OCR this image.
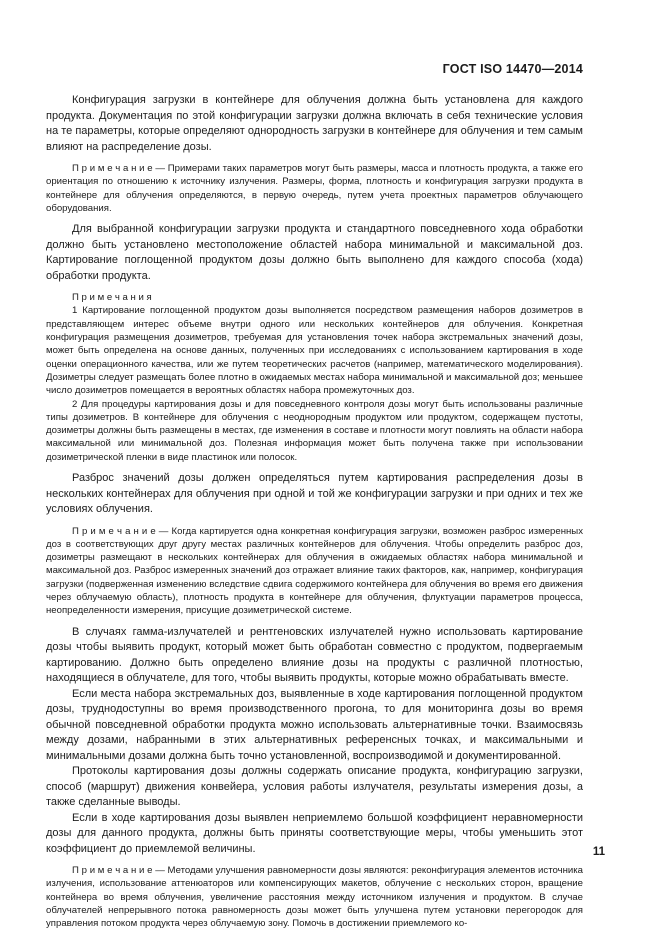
ГОСТ ISO 14470—2014

Конфигурация загрузки в контейнере для облучения должна быть установлена для каждого продукта. Документация по этой конфигурации загрузки должна включать в себя технические условия на те параметры, которые определяют однородность загрузки в контейнере для облучения и тем самым влияют на распределение дозы.

П р и м е ч а н и е — Примерами таких параметров могут быть размеры, масса и плотность продукта, а также его ориентация по отношению к источнику излучения. Размеры, форма, плотность и конфигурация загрузки продукта в контейнере для облучения определяются, в первую очередь, путем учета проектных параметров облучающего оборудования.

Для выбранной конфигурации загрузки продукта и стандартного повседневного хода обработки должно быть установлено местоположение областей набора минимальной и максимальной доз. Картирование поглощенной продуктом дозы должно быть выполнено для каждого способа (хода) обработки продукта.

П р и м е ч а н и я

1 Картирование поглощенной продуктом дозы выполняется посредством размещения наборов дозиметров в представляющем интерес объеме внутри одного или нескольких контейнеров для облучения. Конкретная конфигурация размещения дозиметров, требуемая для установления точек набора экстремальных значений дозы, может быть определена на основе данных, полученных при исследованиях с использованием картирования в ходе оценки операционного качества, или же путем теоретических расчетов (например, математического моделирования). Дозиметры следует размещать более плотно в ожидаемых местах набора минимальной и максимальной доз; меньшее число дозиметров помещается в вероятных областях набора промежуточных доз.

2 Для процедуры картирования дозы и для повседневного контроля дозы могут быть использованы различные типы дозиметров. В контейнере для облучения с неоднородным продуктом или продуктом, содержащем пустоты, дозиметры должны быть размещены в местах, где изменения в составе и плотности могут повлиять на области набора максимальной или минимальной доз. Полезная информация может быть получена также при использовании дозиметрической пленки в виде пластинок или полосок.

Разброс значений дозы должен определяться путем картирования распределения дозы в нескольких контейнерах для облучения при одной и той же конфигурации загрузки и при одних и тех же условиях облучения.

П р и м е ч а н и е — Когда картируется одна конкретная конфигурация загрузки, возможен разброс измеренных доз в соответствующих друг другу местах различных контейнеров для облучения. Чтобы определить разброс доз, дозиметры размещают в нескольких контейнерах для облучения в ожидаемых областях набора минимальной и максимальной доз. Разброс измеренных значений доз отражает влияние таких факторов, как, например, конфигурация загрузки (подверженная изменению вследствие сдвига содержимого контейнера для облучения во время его движения через облучаемую область), плотность продукта в контейнере для облучения, флуктуации параметров процесса, неопределенности измерения, присущие дозиметрической системе.

В случаях гамма-излучателей и рентгеновских излучателей нужно использовать картирование дозы чтобы выявить продукт, который может быть обработан совместно с продуктом, подвергаемым картированию. Должно быть определено влияние дозы на продукты с различной плотностью, находящиеся в облучателе, для того, чтобы выявить продукты, которые можно обрабатывать вместе.

Если места набора экстремальных доз, выявленные в ходе картирования поглощенной продуктом дозы, труднодоступны во время производственного прогона, то для мониторинга дозы во время обычной повседневной обработки продукта можно использовать альтернативные точки. Взаимосвязь между дозами, набранными в этих альтернативных референсных точках, и максимальными и минимальными дозами должна быть точно установленной, воспроизводимой и документированной.

Протоколы картирования дозы должны содержать описание продукта, конфигурацию загрузки, способ (маршрут) движения конвейера, условия работы излучателя, результаты измерения дозы, а также сделанные выводы.

Если в ходе картирования дозы выявлен неприемлемо большой коэффициент неравномерности дозы для данного продукта, должны быть приняты соответствующие меры, чтобы уменьшить этот коэффициент до приемлемой величины.

П р и м е ч а н и е — Методами улучшения равномерности дозы являются: реконфигурация элементов источника излучения, использование аттенюаторов или компенсирующих макетов, облучение с нескольких сторон, вращение контейнера во время облучения, увеличение расстояния между источником излучения и продуктом. В случае облучателей непрерывного потока равномерность дозы может быть улучшена путем установки перегородок для управления потоком продукта через облучаемую зону. Помочь в достижении приемлемого ко-

11
